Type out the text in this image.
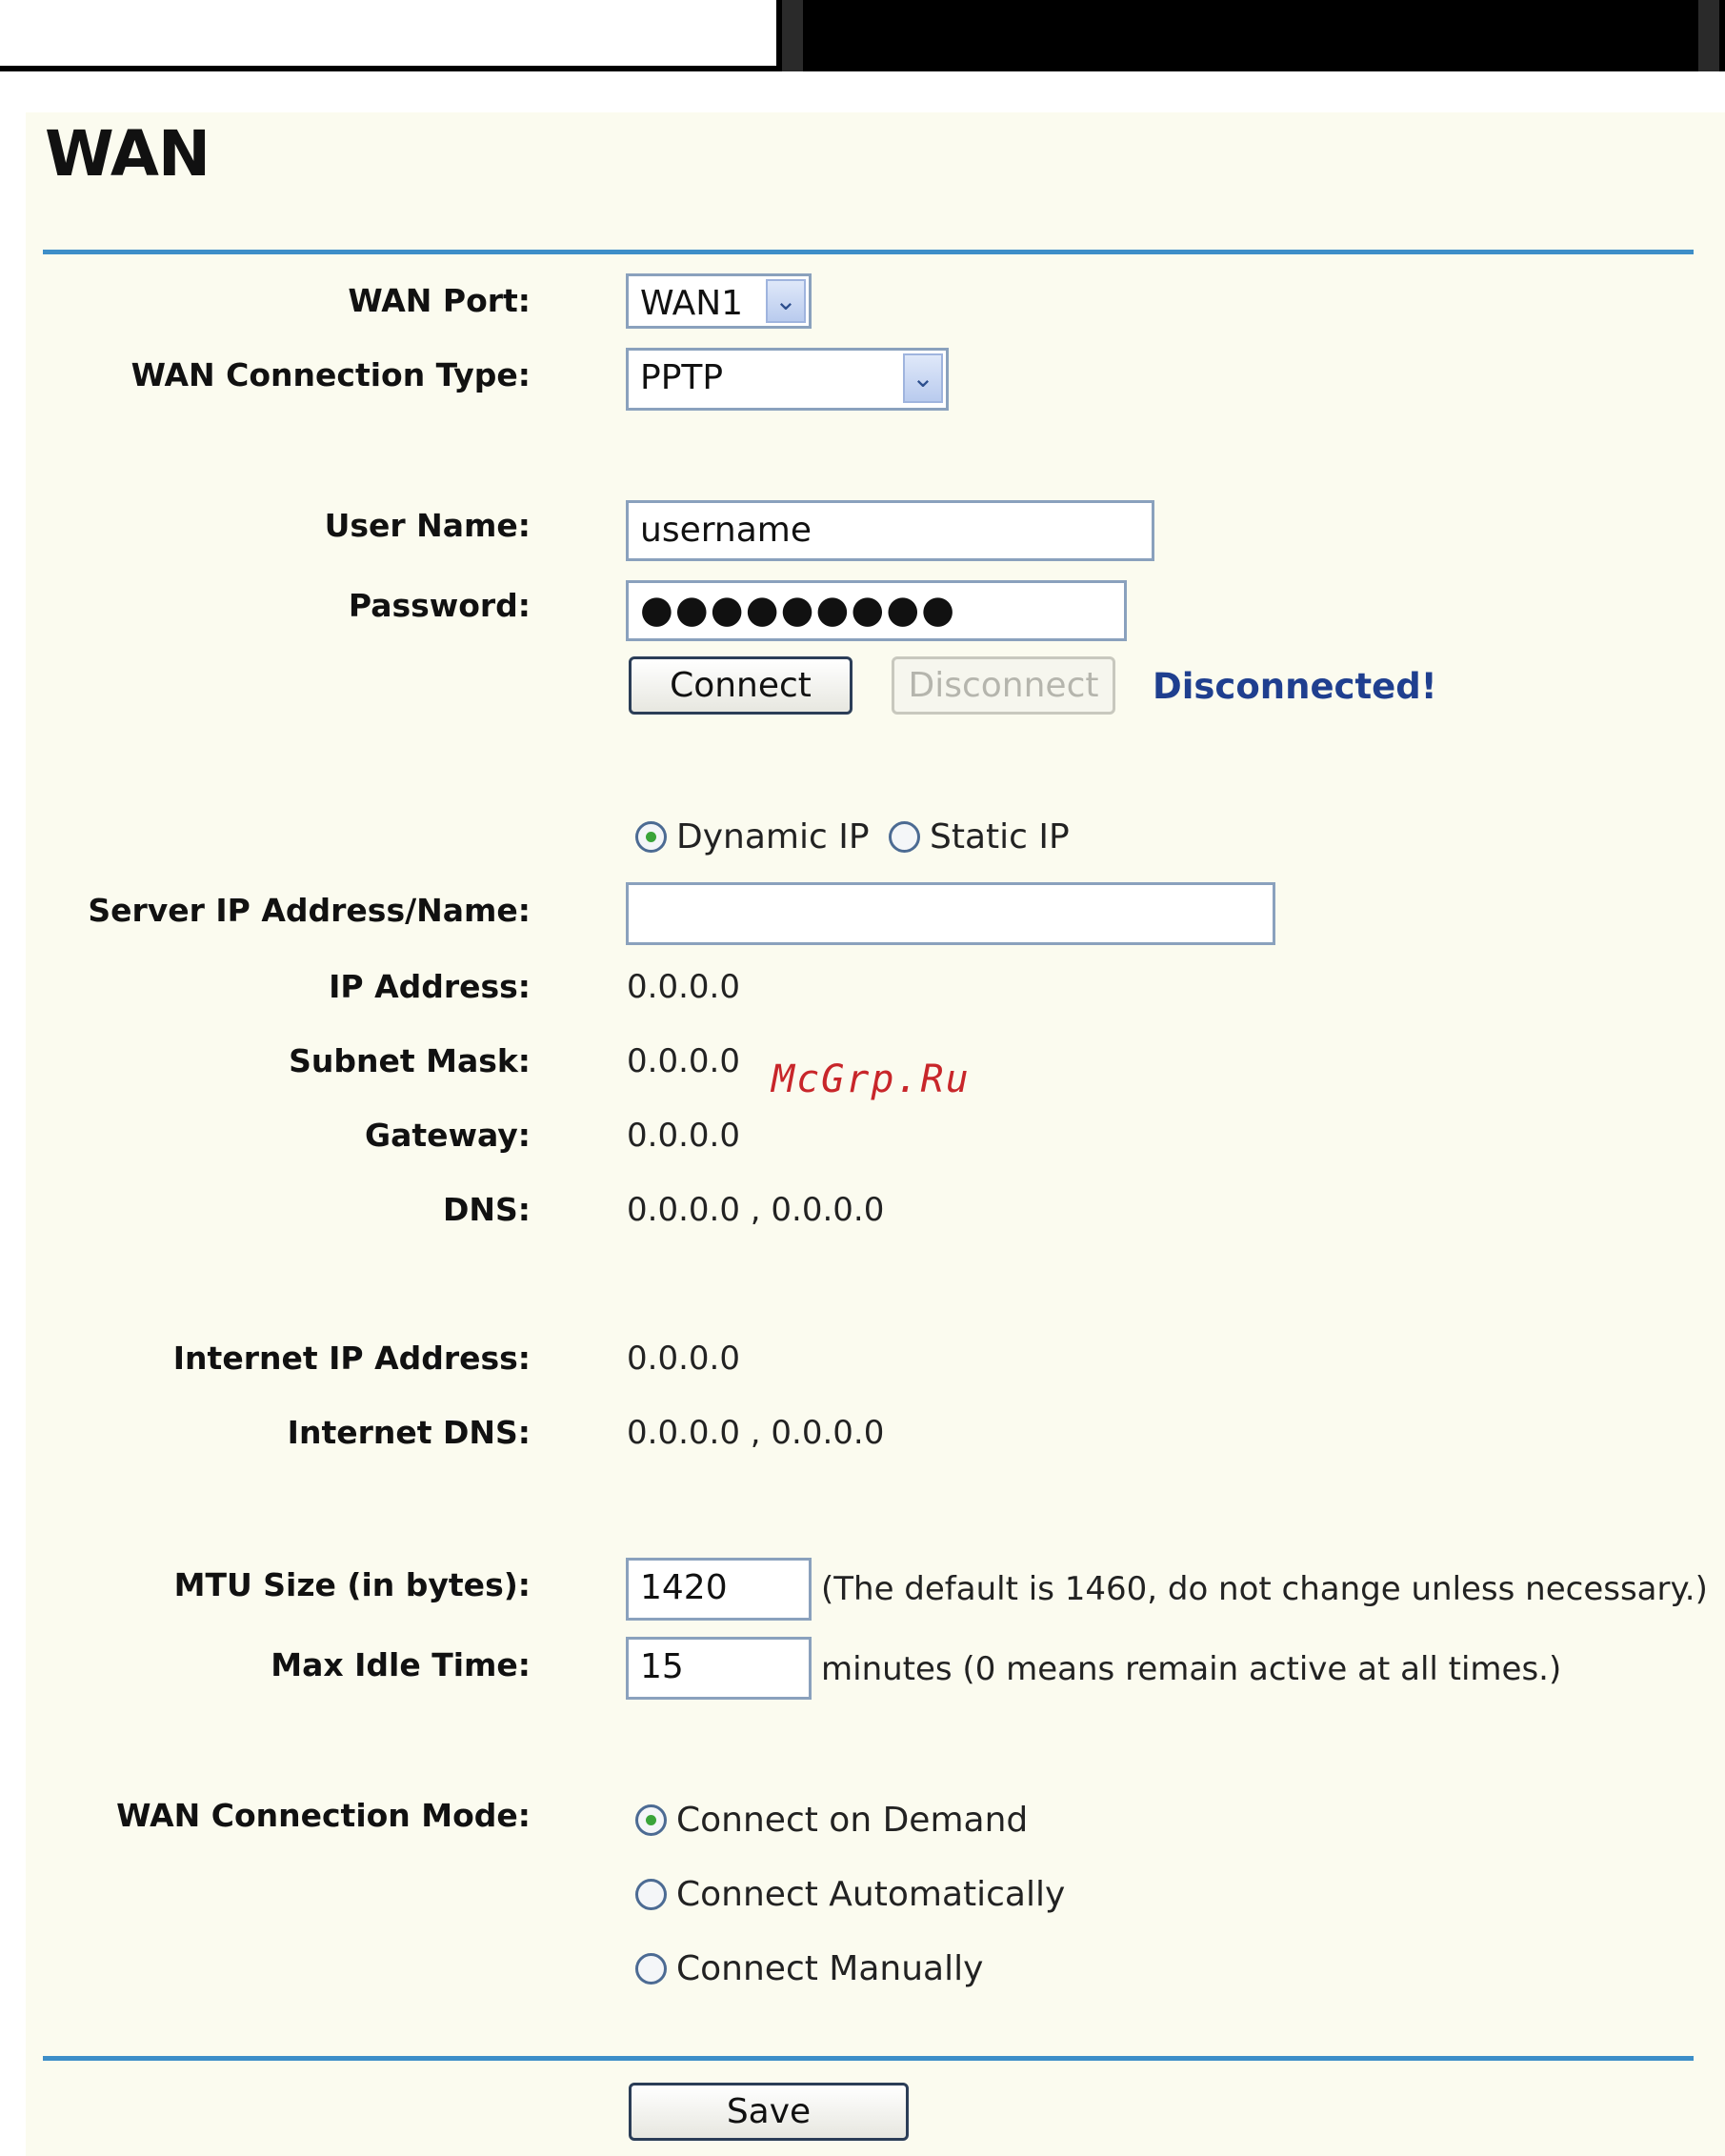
WAN
WAN Port:	WAN1	⌄
WAN Connection Type:	PPTP	⌄
User Name:	username
Password:	●●●●●●●●●
Connect	Disconnect	Disconnected!
Dynamic IP Static IP
Server IP Address/Name:
IP Address:	0.0.0.0
Subnet Mask:	0.0.0.0
Gateway:	0.0.0.0
DNS:	0.0.0.0 , 0.0.0.0
Internet IP Address:	0.0.0.0
Internet DNS:	0.0.0.0 , 0.0.0.0
MTU Size (in bytes):	1420	(The default is 1460, do not change unless necessary.)
Max Idle Time:	15	minutes (0 means remain active at all times.)
WAN Connection Mode:	Connect on Demand
Connect Automatically
Connect Manually
Save
McGrp.Ru
